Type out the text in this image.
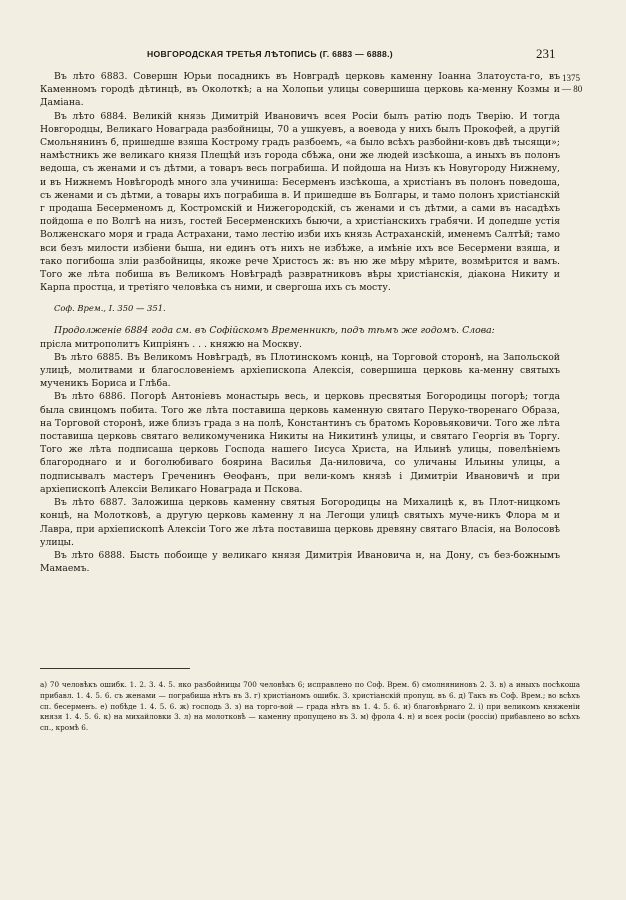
НОВГОРОДСКАЯ ТРЕТЬЯ ЛѢТОПИСЬ (Г. 6883 — 6888.)	231
1375
— 80

Въ лѣто 6883. Совершн Юрьи посадникъ въ Новградѣ церковь каменну Іоанна Златоуста-го, въ Каменномъ городѣ дѣтинцѣ, въ Околоткѣ; а на Холопьи улицы совершиша церковь ка-менну Козмы и Даміана.

Въ лѣто 6884. Великій князь Димитрій Ивановичъ всея Росіи былъ ратію подъ Тверію. И тогда Новгородцы, Великаго Новаграда разбойницы, 70 а ушкуевъ, а воевода у нихъ былъ Прокофей, а другій Смольнянинъ б, пришедше взяша Кострому градъ разбоемъ, «а было всѣхъ разбойни-ковъ двѣ тысящи»; намѣстникъ же великаго князя Плещѣй изъ города сбѣжа, они же людей изсѣкоша, а иныхъ въ полонъ ведоша, съ женами и съ дѣтми, а товаръ весь пограбиша. И пойдоша на Низъ къ Новугороду Нижнему, и въ Нижнемъ Новѣгородѣ много зла учиниша: Бесерменъ изсѣкоша, а христіанъ въ полонъ поведоша, съ женами и съ дѣтми, а товары ихъ пограбиша в. И пришедше въ Болгары, и тамо полонъ христіанскій г продаша Бесерменомъ д, Костромскій и Нижегородскій, съ женами и съ дѣтми, а сами въ насадѣхъ пойдоша е по Волгѣ на низъ, гостей Бесерменскихъ быючи, а христіанскихъ грабячи. И допедше устія Волженскаго моря и града Астрахани, тамо лестію изби ихъ князь Астраханскій, именемъ Салтѣй; тамо вси безъ милости избіени быша, ни единъ отъ нихъ не избѣже, а имѣніе ихъ все Бесермени взяша, и тако погибоша зліи разбойницы, якоже рече Христосъ ж: въ ню же мѣру мѣрите, возмѣрится и вамъ. Того же лѣта побиша въ Великомъ Новѣградѣ развратниковъ вѣры христіанскія, діакона Никиту и Карпа простца, и третіяго человѣка съ ними, и свергоша ихъ съ мосту.

Соф. Врем., I. 350 — 351.

Продолженіе 6884 года см. въ Софійскомъ Временникѣ, подъ тѣмъ же годомъ. Слова:

прісла митрополитъ Кипріянъ . . . княжю на Москву.

Въ лѣто 6885. Въ Великомъ Новѣградѣ, въ Плотинскомъ концѣ, на Торговой сторонѣ, на Запольской улицѣ, молитвами и благословеніемъ архіепископа Алексія, совершиша церковь ка-менну святыхъ мученикъ Бориса и Глѣба.

Въ лѣто 6886. Погорѣ Антоніевъ монастырь весь, и церковь пресвятыя Богородицы погорѣ; тогда была свинцомъ побита. Того же лѣта поставиша церковь каменную святаго Перуко-творенагo Образа, на Торговой сторонѣ, иже близъ града з на полѣ, Константинъ съ братомъ Коровьяковичи. Того же лѣта поставиша церковь святаго великомученика Никиты на Никитинѣ улицы, и святаго Георгія въ Торгу. Того же лѣта подписаша церковь Господа нашего Іисуса Христа, на Ильинѣ улицы, повелѣніемъ благороднаго и и боголюбиваго боярина Василья Да-ниловича, со уличаны Ильины улицы, а подписывалъ мастеръ Греченинъ Ѳеофанъ, при вели-комъ князѣ і Димитріи Ивановичѣ и при архіепископѣ Алексіи Великаго Новаграда и Пскова.

Въ лѣто 6887. Заложиша церковь каменну святыя Богородицы на Михалицѣ к, въ Плот-ницкомъ концѣ, на Молотковѣ, а другую церковь каменну л на Легощи улицѣ святыхъ муче-никъ Флора м и Лавра, при архіепископѣ Алексіи Того же лѣта поставиша церковь древяну святаго Власія, на Волосовѣ улицы.

Въ лѣто 6888. Бысть побоище у великаго князя Димитрія Ивановича н, на Дону, съ без-божнымъ Мамаемъ.

а) 70 человѣкъ ошибк. 1. 2. 3. 4. 5. яко разбойницы 700 человѣкъ 6; исправлено по Соф. Врем. б) смолняниновъ 2. 3. в) а иныхъ посѣкоша прибавл. 1. 4. 5. 6. съ женами — пограбиша нѣтъ въ 3. г) христіаномъ ошибк. 3. христіанскій пропущ. въ 6. д) Такъ въ Соф. Врем.; во всѣхъ сп. бесерменъ. е) побѣде 1. 4. 5. 6. ж) господь 3. з) на торго-вой — града нѣтъ въ 1. 4. 5. 6. и) благовѣрнаго 2. і) при великомъ княженіи князя 1. 4. 5. 6. к) на михайловки 3. л) на молотковѣ — каменну пропущено въ 3. м) фрола 4. н) и всея росіи (россіи) прибавлено во всѣхъ сп., кромѣ 6.
